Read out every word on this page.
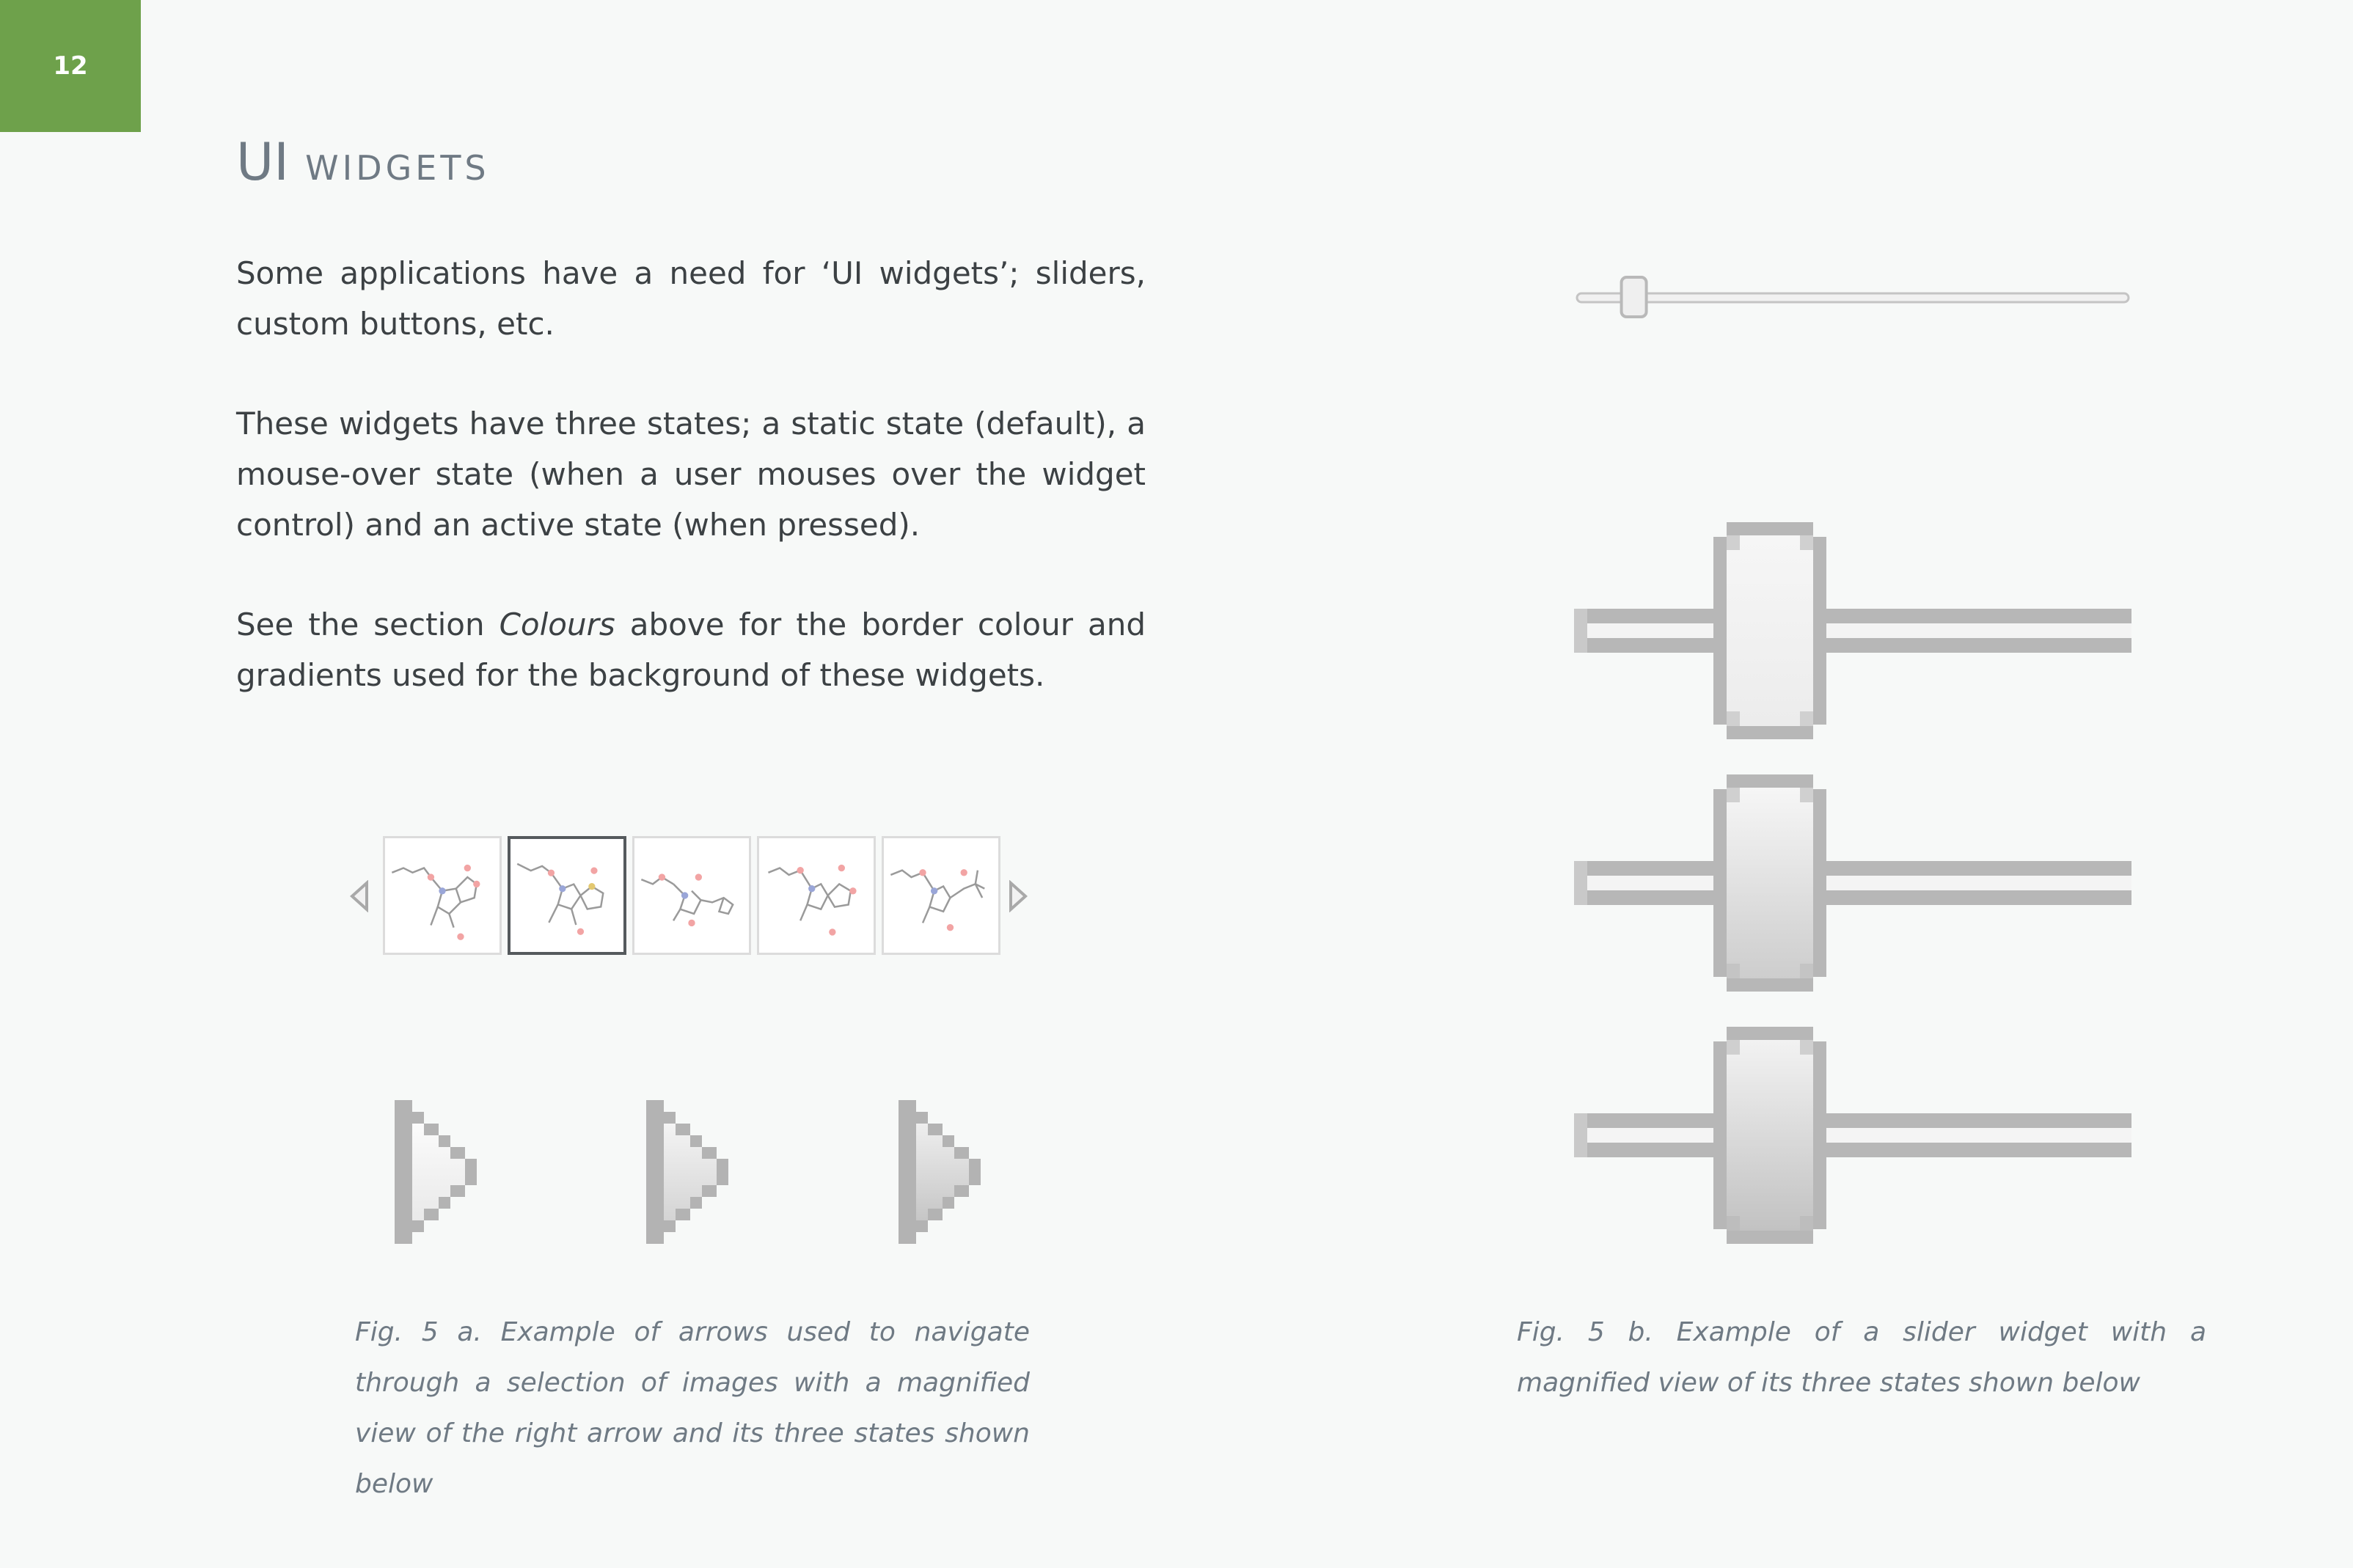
12
UI WIDGETS

Some applications have a need for ‘UI widgets’; sliders, custom buttons, etc.

These widgets have three states; a static state (default), a mouse-over state (when a user mouses over the widget control) and an active state (when pressed).

See the section Colours above for the border colour and gradients used for the background of these widgets.

Fig. 5 a. Example of arrows used to navigate through a selection of images with a magnified view of the right arrow and its three states shown below

Fig. 5 b. Example of a slider widget with a magnified view of its three states shown below
